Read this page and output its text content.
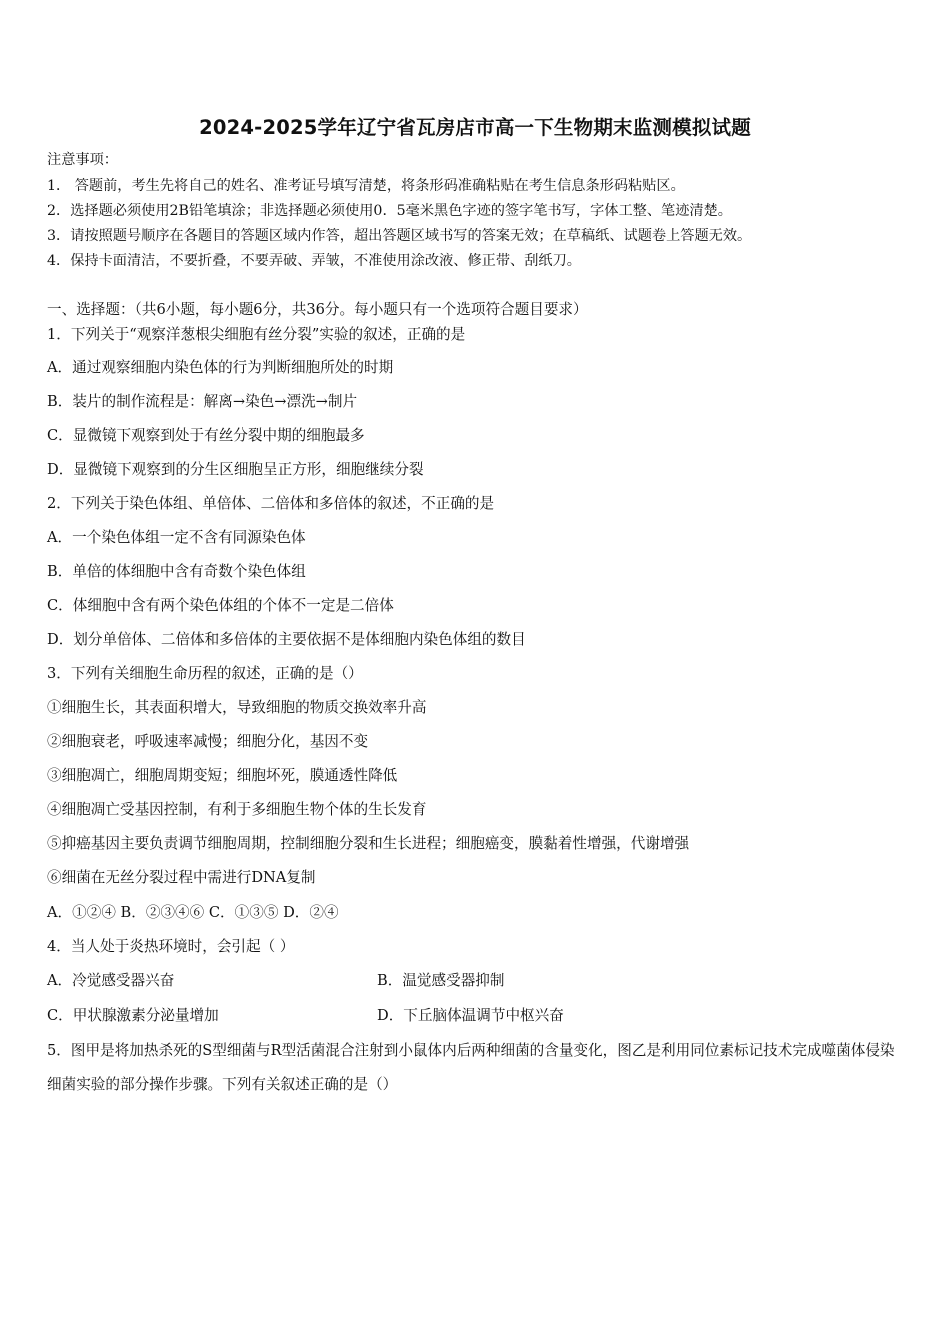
2024-2025学年辽宁省瓦房店市高一下生物期末监测模拟试题
注意事项：
1． 答题前，考生先将自己的姓名、准考证号填写清楚，将条形码准确粘贴在考生信息条形码粘贴区。
2．选择题必须使用2B铅笔填涂；非选择题必须使用0．5毫米黑色字迹的签字笔书写，字体工整、笔迹清楚。
3．请按照题号顺序在各题目的答题区域内作答，超出答题区域书写的答案无效；在草稿纸、试题卷上答题无效。
4．保持卡面清洁，不要折叠，不要弄破、弄皱，不准使用涂改液、修正带、刮纸刀。
一、选择题：（共6小题，每小题6分，共36分。每小题只有一个选项符合题目要求）
1．下列关于“观察洋葱根尖细胞有丝分裂”实验的叙述，正确的是
A．通过观察细胞内染色体的行为判断细胞所处的时期
B．装片的制作流程是：解离→染色→漂洗→制片
C．显微镜下观察到处于有丝分裂中期的细胞最多
D．显微镜下观察到的分生区细胞呈正方形，细胞继续分裂
2．下列关于染色体组、单倍体、二倍体和多倍体的叙述，不正确的是
A．一个染色体组一定不含有同源染色体
B．单倍的体细胞中含有奇数个染色体组
C．体细胞中含有两个染色体组的个体不一定是二倍体
D．划分单倍体、二倍体和多倍体的主要依据不是体细胞内染色体组的数目
3．下列有关细胞生命历程的叙述，正确的是（）
①细胞生长，其表面积增大，导致细胞的物质交换效率升高
②细胞衰老，呼吸速率减慢；细胞分化，基因不变
③细胞凋亡，细胞周期变短；细胞坏死，膜通透性降低
④细胞凋亡受基因控制，有利于多细胞生物个体的生长发育
⑤抑癌基因主要负责调节细胞周期，控制细胞分裂和生长进程；细胞癌变，膜黏着性增强，代谢增强
⑥细菌在无丝分裂过程中需进行DNA复制
A．①②④ B．②③④⑥ C．①③⑤ D．②④
4．当人处于炎热环境时，会引起（ ）
A．冷觉感受器兴奋	B．温觉感受器抑制
C．甲状腺激素分泌量增加	D．下丘脑体温调节中枢兴奋
5．图甲是将加热杀死的S型细菌与R型活菌混合注射到小鼠体内后两种细菌的含量变化，图乙是利用同位素标记技术完成噬菌体侵染细菌实验的部分操作步骤。下列有关叙述正确的是（）
